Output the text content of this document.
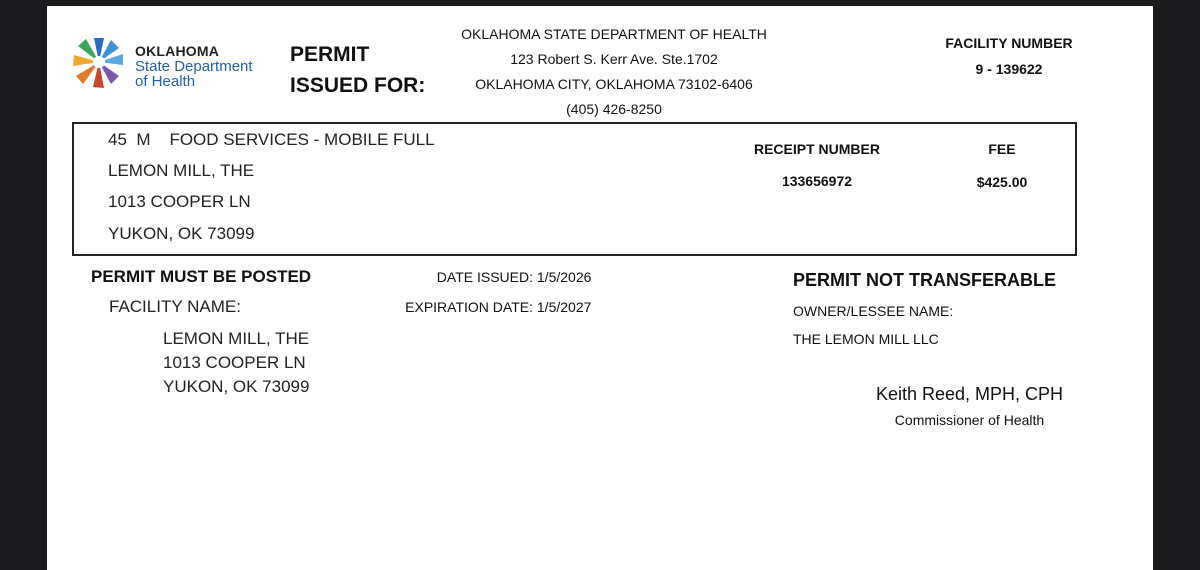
OKLAHOMA
State Department
of Health
PERMIT
ISSUED FOR:
OKLAHOMA STATE DEPARTMENT OF HEALTH
123 Robert S. Kerr Ave. Ste.1702
OKLAHOMA CITY, OKLAHOMA 73102-6406
(405) 426-8250
FACILITY NUMBER
9 - 139622
45 M FOOD SERVICES - MOBILE FULL
LEMON MILL, THE
1013 COOPER LN
YUKON, OK 73099
RECEIPT NUMBER
133656972
FEE
$425.00
PERMIT MUST BE POSTED
FACILITY NAME:
LEMON MILL, THE
1013 COOPER LN
YUKON, OK 73099
DATE ISSUED: 1/5/2026
EXPIRATION DATE: 1/5/2027
PERMIT NOT TRANSFERABLE
OWNER/LESSEE NAME:
THE LEMON MILL LLC
Keith Reed, MPH, CPH
Commissioner of Health
